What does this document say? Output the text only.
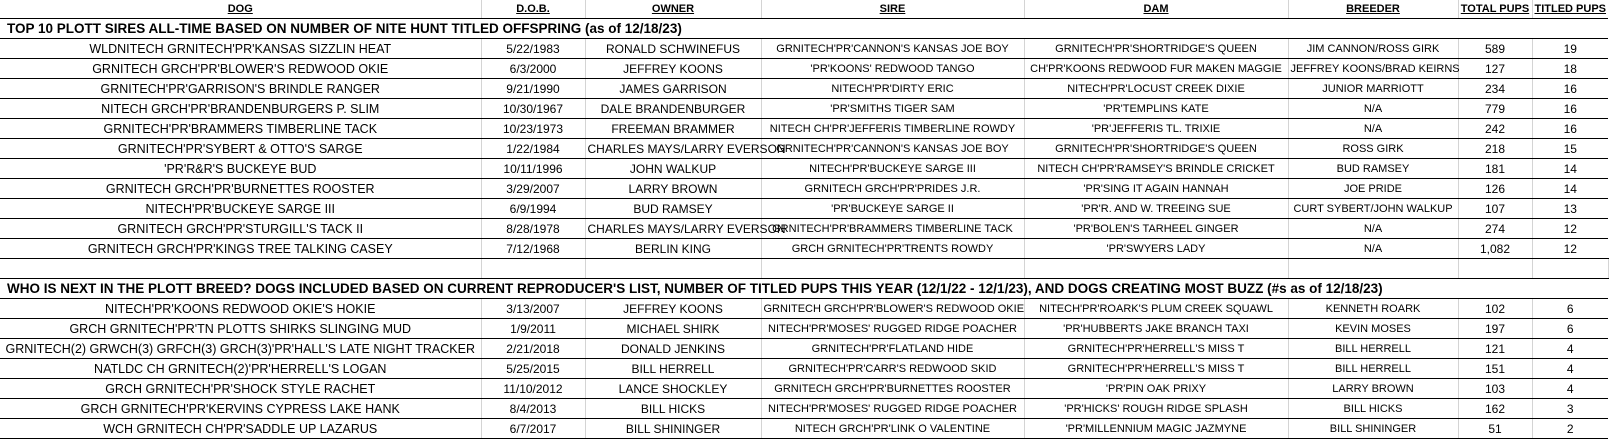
DOG	D.O.B.	OWNER	SIRE	DAM	BREEDER	TOTAL PUPS	TITLED PUPS
TOP 10 PLOTT SIRES ALL-TIME BASED ON NUMBER OF NITE HUNT TITLED OFFSPRING (as of 12/18/23)							
WLDNITECH GRNITECH'PR'KANSAS SIZZLIN HEAT	5/22/1983	RONALD SCHWINEFUS	GRNITECH'PR'CANNON'S KANSAS JOE BOY	GRNITECH'PR'SHORTRIDGE'S QUEEN	JIM CANNON/ROSS GIRK	589	19
GRNITECH GRCH'PR'BLOWER'S REDWOOD OKIE	6/3/2000	JEFFREY KOONS	'PR'KOONS' REDWOOD TANGO	CH'PR'KOONS REDWOOD FUR MAKEN MAGGIE	JEFFREY KOONS/BRAD KEIRNS	127	18
GRNITECH'PR'GARRISON'S BRINDLE RANGER	9/21/1990	JAMES GARRISON	NITECH'PR'DIRTY ERIC	NITECH'PR'LOCUST CREEK DIXIE	JUNIOR MARRIOTT	234	16
NITECH GRCH'PR'BRANDENBURGERS P. SLIM	10/30/1967	DALE BRANDENBURGER	'PR'SMITHS TIGER SAM	'PR'TEMPLINS KATE	N/A	779	16
GRNITECH'PR'BRAMMERS TIMBERLINE TACK	10/23/1973	FREEMAN BRAMMER	NITECH CH'PR'JEFFERIS TIMBERLINE ROWDY	'PR'JEFFERIS TL. TRIXIE	N/A	242	16
GRNITECH'PR'SYBERT & OTTO'S SARGE	1/22/1984	CHARLES MAYS/LARRY EVERSON	GRNITECH'PR'CANNON'S KANSAS JOE BOY	GRNITECH'PR'SHORTRIDGE'S QUEEN	ROSS GIRK	218	15
'PR'R&R'S BUCKEYE BUD	10/11/1996	JOHN WALKUP	NITECH'PR'BUCKEYE SARGE III	NITECH CH'PR'RAMSEY'S BRINDLE CRICKET	BUD RAMSEY	181	14
GRNITECH GRCH'PR'BURNETTES ROOSTER	3/29/2007	LARRY BROWN	GRNITECH GRCH'PR'PRIDES J.R.	'PR'SING IT AGAIN HANNAH	JOE PRIDE	126	14
NITECH'PR'BUCKEYE SARGE III	6/9/1994	BUD RAMSEY	'PR'BUCKEYE SARGE II	'PR'R. AND W. TREEING SUE	CURT SYBERT/JOHN WALKUP	107	13
GRNITECH GRCH'PR'STURGILL'S TACK II	8/28/1978	CHARLES MAYS/LARRY EVERSON	GRNITECH'PR'BRAMMERS TIMBERLINE TACK	'PR'BOLEN'S TARHEEL GINGER	N/A	274	12
GRNITECH GRCH'PR'KINGS TREE TALKING CASEY	7/12/1968	BERLIN KING	GRCH GRNITECH'PR'TRENTS ROWDY	'PR'SWYERS LADY	N/A	1,082	12

WHO IS NEXT IN THE PLOTT BREED? DOGS INCLUDED BASED ON CURRENT REPRODUCER'S LIST, NUMBER OF TITLED PUPS THIS YEAR (12/1/22 - 12/1/23), AND DOGS CREATING MOST BUZZ (#s as of 12/18/23)							
NITECH'PR'KOONS REDWOOD OKIE'S HOKIE	3/13/2007	JEFFREY KOONS	GRNITECH GRCH'PR'BLOWER'S REDWOOD OKIE	NITECH'PR'ROARK'S PLUM CREEK SQUAWL	KENNETH ROARK	102	6
GRCH GRNITECH'PR'TN PLOTTS SHIRKS SLINGING MUD	1/9/2011	MICHAEL SHIRK	NITECH'PR'MOSES' RUGGED RIDGE POACHER	'PR'HUBBERTS JAKE BRANCH TAXI	KEVIN MOSES	197	6
GRNITECH(2) GRWCH(3) GRFCH(3) GRCH(3)'PR'HALL'S LATE NIGHT TRACKER	2/21/2018	DONALD JENKINS	GRNITECH'PR'FLATLAND HIDE	GRNITECH'PR'HERRELL'S MISS T	BILL HERRELL	121	4
NATLDC CH GRNITECH(2)'PR'HERRELL'S LOGAN	5/25/2015	BILL HERRELL	GRNITECH'PR'CARR'S REDWOOD SKID	GRNITECH'PR'HERRELL'S MISS T	BILL HERRELL	151	4
GRCH GRNITECH'PR'SHOCK STYLE RACHET	11/10/2012	LANCE SHOCKLEY	GRNITECH GRCH'PR'BURNETTES ROOSTER	'PR'PIN OAK PRIXY	LARRY BROWN	103	4
GRCH GRNITECH'PR'KERVINS CYPRESS LAKE HANK	8/4/2013	BILL HICKS	NITECH'PR'MOSES' RUGGED RIDGE POACHER	'PR'HICKS' ROUGH RIDGE SPLASH	BILL HICKS	162	3
WCH GRNITECH CH'PR'SADDLE UP LAZARUS	6/7/2017	BILL SHININGER	NITECH GRCH'PR'LINK O VALENTINE	'PR'MILLENNIUM MAGIC JAZMYNE	BILL SHININGER	51	2
